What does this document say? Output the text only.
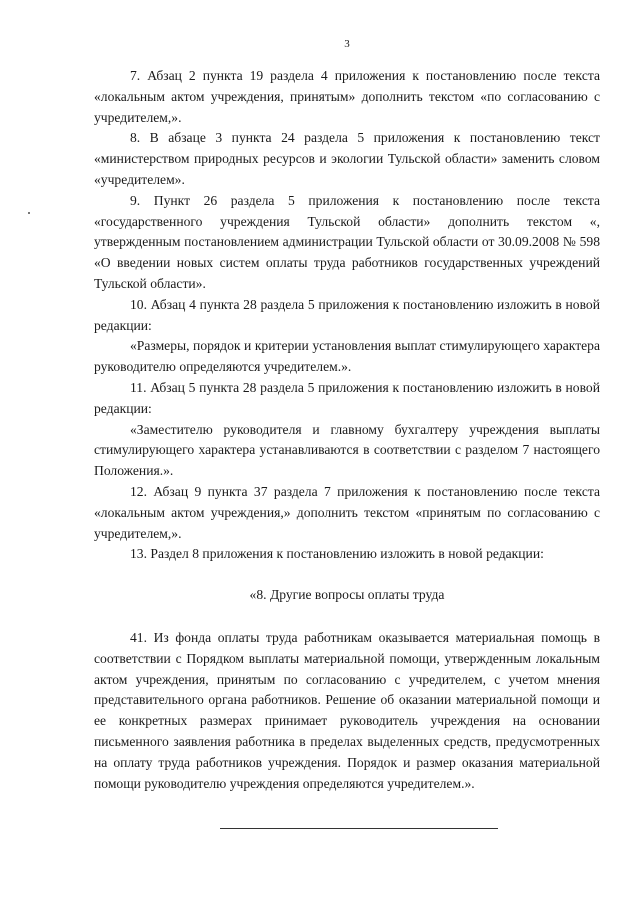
3

7. Абзац 2 пункта 19 раздела 4 приложения к постановлению после текста «локальным актом учреждения, принятым» дополнить текстом «по согласованию с учредителем,».

8. В абзаце 3 пункта 24 раздела 5 приложения к постановлению текст «министерством природных ресурсов и экологии Тульской области» заменить словом «учредителем».

9. Пункт 26 раздела 5 приложения к постановлению после текста «государственного учреждения Тульской области» дополнить текстом «, утвержденным постановлением администрации Тульской области от 30.09.2008 № 598 «О введении новых систем оплаты труда работников государственных учреждений Тульской области».

10. Абзац 4 пункта 28 раздела 5 приложения к постановлению изложить в новой редакции:

«Размеры, порядок и критерии установления выплат стимулирующего характера руководителю определяются учредителем.».

11. Абзац 5 пункта 28 раздела 5 приложения к постановлению изложить в новой редакции:

«Заместителю руководителя и главному бухгалтеру учреждения выплаты стимулирующего характера устанавливаются в соответствии с разделом 7 настоящего Положения.».

12. Абзац 9 пункта 37 раздела 7 приложения к постановлению после текста «локальным актом учреждения,» дополнить текстом «принятым по согласованию с учредителем,».

13. Раздел 8 приложения к постановлению изложить в новой редакции:

«8. Другие вопросы оплаты труда

41. Из фонда оплаты труда работникам оказывается материальная помощь в соответствии с Порядком выплаты материальной помощи, утвержденным локальным актом учреждения, принятым по согласованию с учредителем, с учетом мнения представительного органа работников. Решение об оказании материальной помощи и ее конкретных размерах принимает руководитель учреждения на основании письменного заявления работника в пределах выделенных средств, предусмотренных на оплату труда работников учреждения. Порядок и размер оказания материальной помощи руководителю учреждения определяются учредителем.».
